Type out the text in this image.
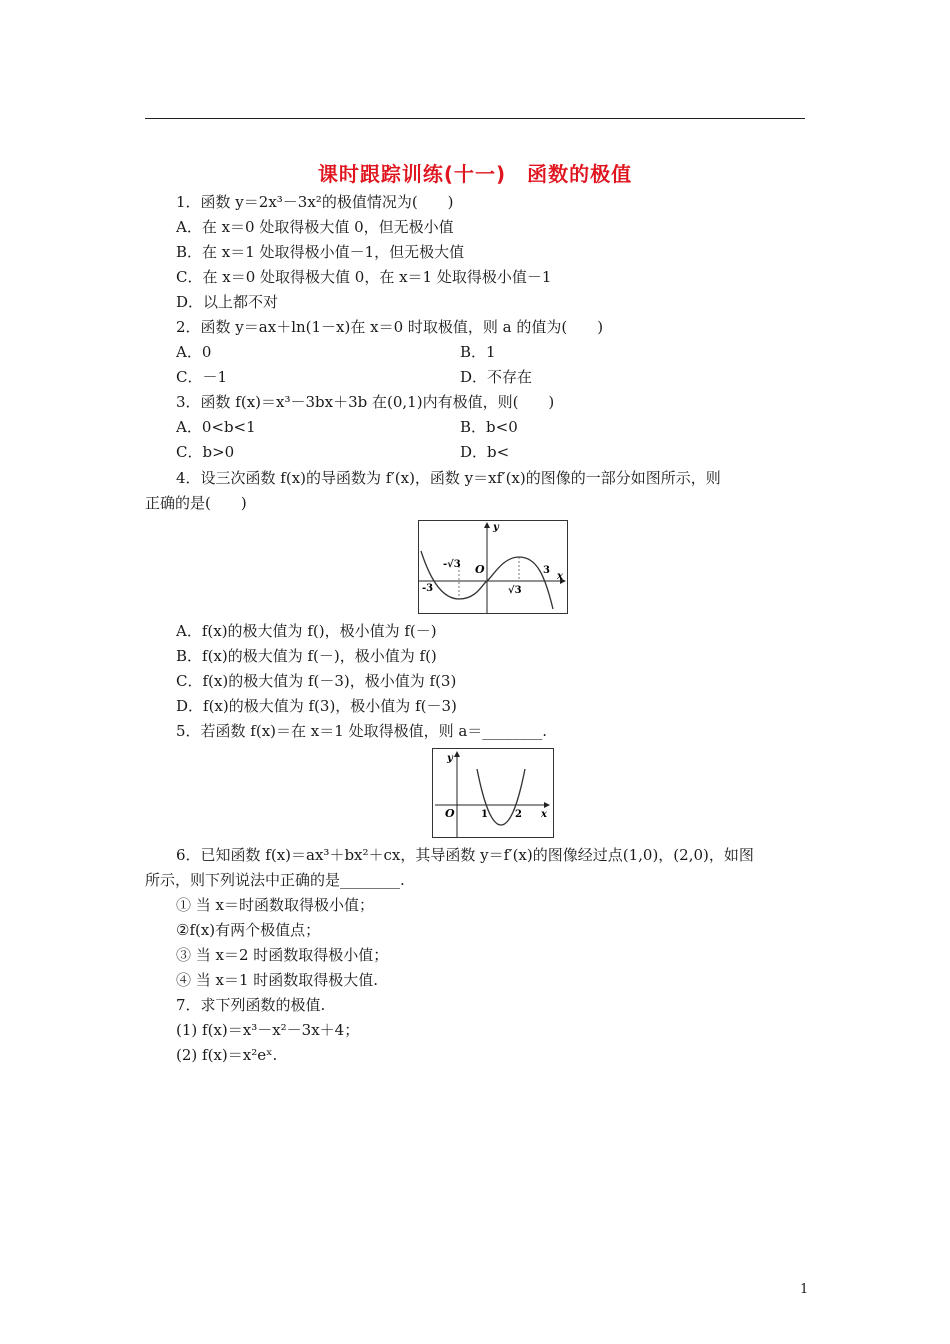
课时跟踪训练(十一)　函数的极值
1．函数 y＝2x³－3x²的极值情况为(　　)
A．在 x＝0 处取得极大值 0，但无极小值
B．在 x＝1 处取得极小值－1，但无极大值
C．在 x＝0 处取得极大值 0，在 x＝1 处取得极小值－1
D．以上都不对
2．函数 y＝ax＋ln(1－x)在 x＝0 时取极值，则 a 的值为(　　)
A．0	B．1
C．－1	D．不存在
3．函数 f(x)＝x³－3bx＋3b 在(0,1)内有极值，则(　　)
A．0<b<1	B．b<0
C．b>0	D．b<
4．设三次函数 f(x)的导函数为 f′(x)，函数 y＝xf′(x)的图像的一部分如图所示，则
正确的是(　　)
y
x
O
-√3
√3
-3
3
A．f(x)的极大值为 f()，极小值为 f(－)
B．f(x)的极大值为 f(－)，极小值为 f()
C．f(x)的极大值为 f(－3)，极小值为 f(3)
D．f(x)的极大值为 f(3)，极小值为 f(－3)
5．若函数 f(x)＝在 x＝1 处取得极值，则 a＝________.
y
x
O	1	2
6．已知函数 f(x)＝ax³＋bx²＋cx，其导函数 y＝f′(x)的图像经过点(1,0)，(2,0)，如图
所示，则下列说法中正确的是________.
① 当 x＝时函数取得极小值；
②f(x)有两个极值点；
③ 当 x＝2 时函数取得极小值；
④ 当 x＝1 时函数取得极大值.
7．求下列函数的极值.
(1) f(x)＝x³－x²－3x＋4；
(2) f(x)＝x²eˣ.
1
